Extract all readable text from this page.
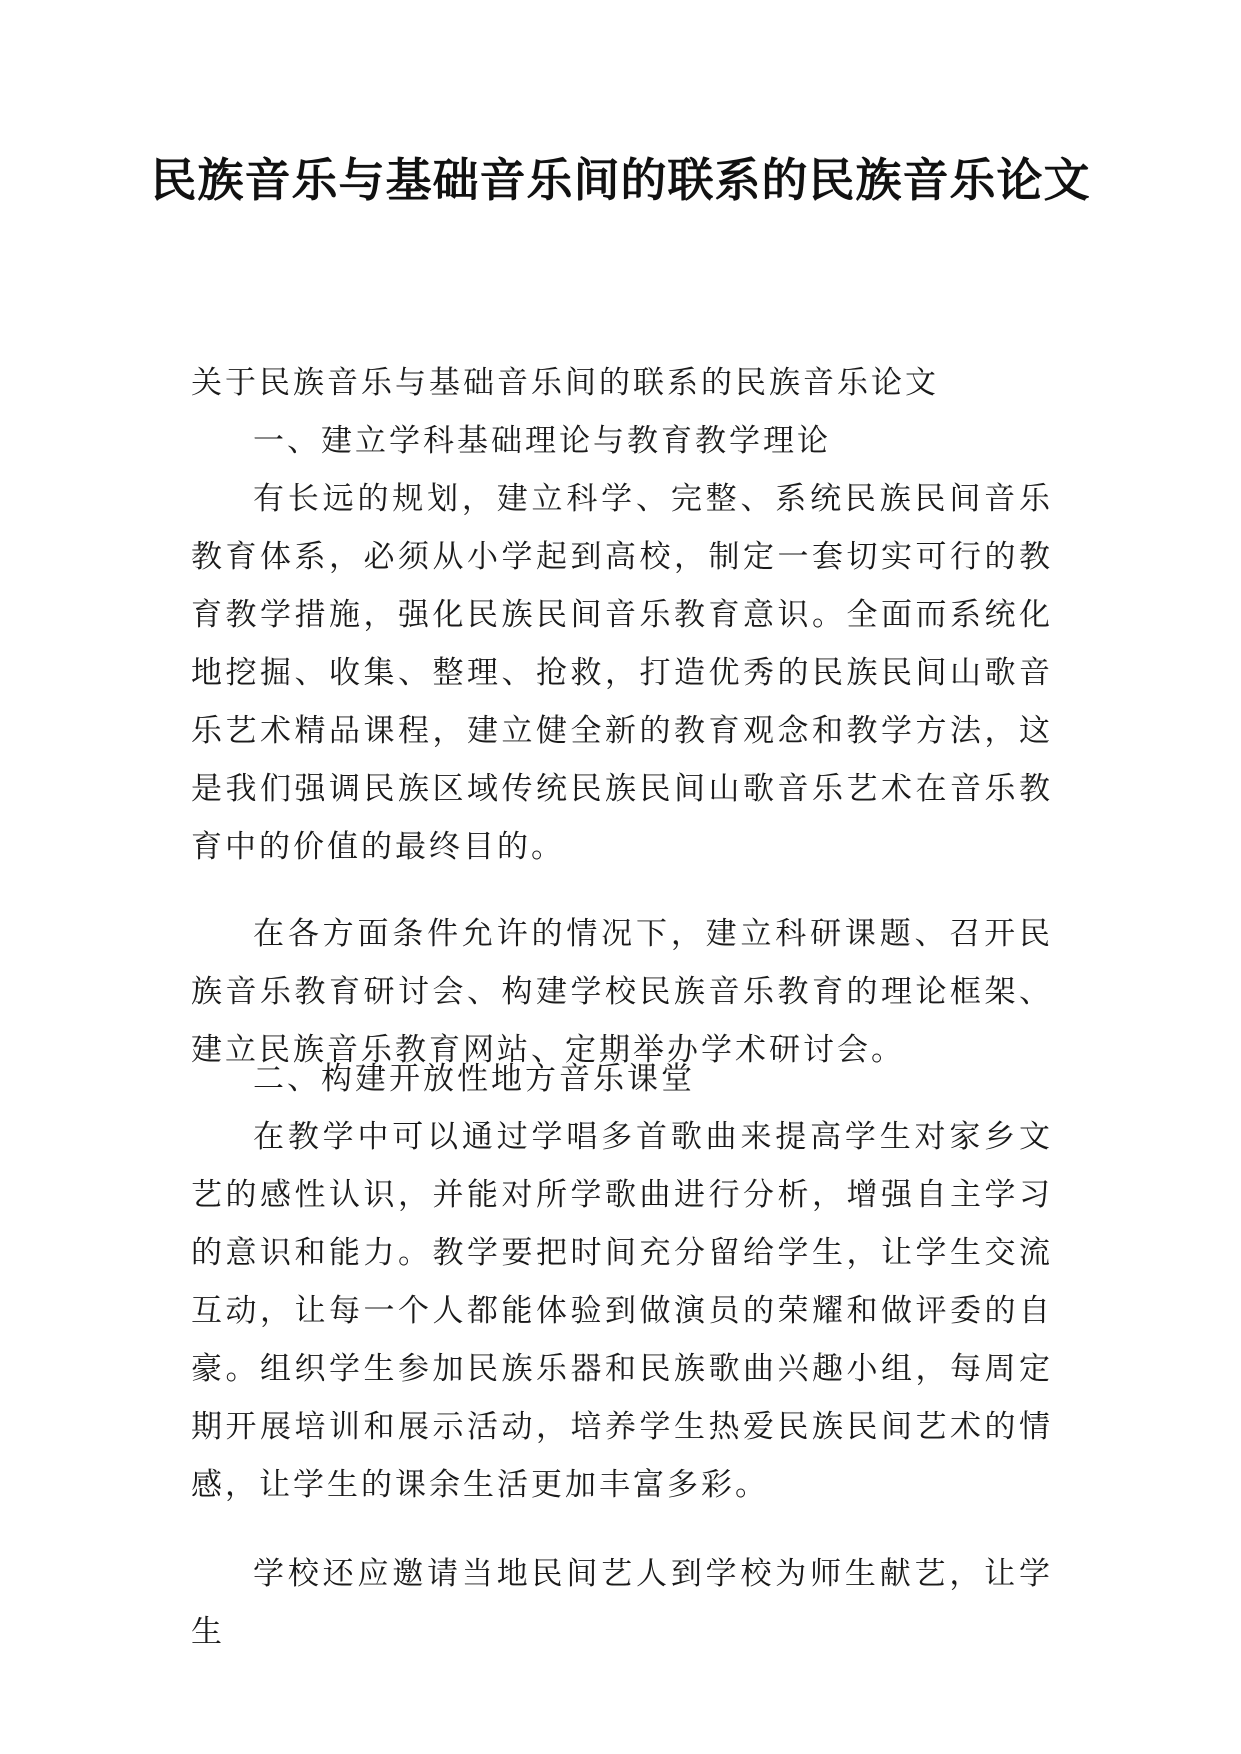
民族音乐与基础音乐间的联系的民族音乐论文
关于民族音乐与基础音乐间的联系的民族音乐论文
一、建立学科基础理论与教育教学理论
有长远的规划，建立科学、完整、系统民族民间音乐教育体系，必须从小学起到高校，制定一套切实可行的教育教学措施，强化民族民间音乐教育意识。全面而系统化地挖掘、收集、整理、抢救，打造优秀的民族民间山歌音乐艺术精品课程，建立健全新的教育观念和教学方法，这是我们强调民族区域传统民族民间山歌音乐艺术在音乐教育中的价值的最终目的。
在各方面条件允许的情况下，建立科研课题、召开民族音乐教育研讨会、构建学校民族音乐教育的理论框架、建立民族音乐教育网站、定期举办学术研讨会。
二、构建开放性地方音乐课堂
在教学中可以通过学唱多首歌曲来提高学生对家乡文艺的感性认识，并能对所学歌曲进行分析，增强自主学习的意识和能力。教学要把时间充分留给学生，让学生交流互动，让每一个人都能体验到做演员的荣耀和做评委的自豪。组织学生参加民族乐器和民族歌曲兴趣小组，每周定期开展培训和展示活动，培养学生热爱民族民间艺术的情感，让学生的课余生活更加丰富多彩。
学校还应邀请当地民间艺人到学校为师生献艺，让学生
